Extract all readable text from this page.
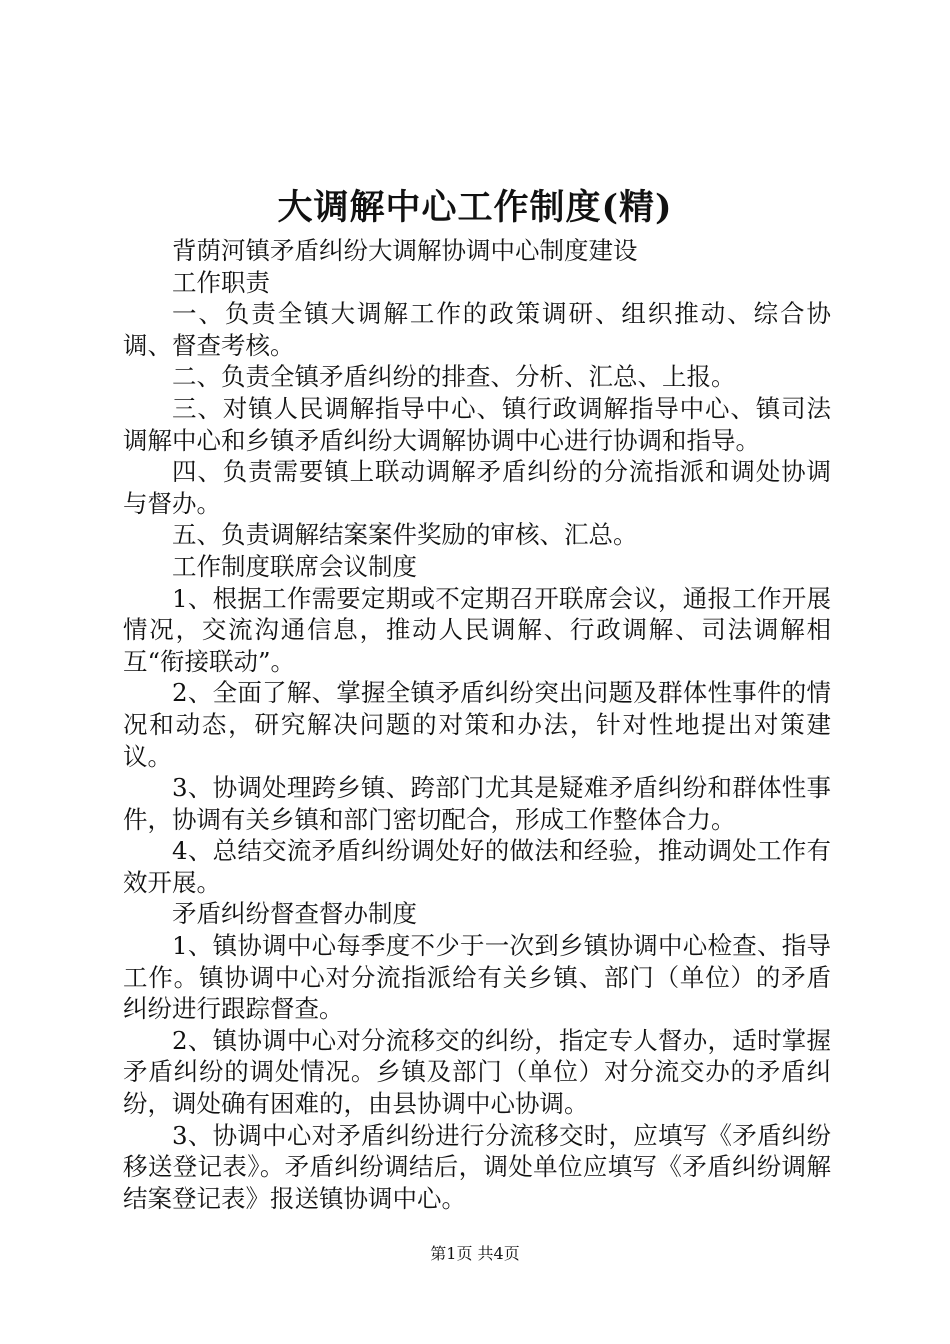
大调解中心工作制度(精)

背荫河镇矛盾纠纷大调解协调中心制度建设

工作职责

一、负责全镇大调解工作的政策调研、组织推动、综合协调、督查考核。

二、负责全镇矛盾纠纷的排查、分析、汇总、上报。

三、对镇人民调解指导中心、镇行政调解指导中心、镇司法调解中心和乡镇矛盾纠纷大调解协调中心进行协调和指导。

四、负责需要镇上联动调解矛盾纠纷的分流指派和调处协调与督办。

五、负责调解结案案件奖励的审核、汇总。

工作制度联席会议制度

1、根据工作需要定期或不定期召开联席会议，通报工作开展情况，交流沟通信息，推动人民调解、行政调解、司法调解相互“衔接联动”。

2、全面了解、掌握全镇矛盾纠纷突出问题及群体性事件的情况和动态，研究解决问题的对策和办法，针对性地提出对策建议。

3、协调处理跨乡镇、跨部门尤其是疑难矛盾纠纷和群体性事件，协调有关乡镇和部门密切配合，形成工作整体合力。

4、总结交流矛盾纠纷调处好的做法和经验，推动调处工作有效开展。

矛盾纠纷督查督办制度

1、镇协调中心每季度不少于一次到乡镇协调中心检查、指导工作。镇协调中心对分流指派给有关乡镇、部门（单位）的矛盾纠纷进行跟踪督查。

2、镇协调中心对分流移交的纠纷，指定专人督办，适时掌握矛盾纠纷的调处情况。乡镇及部门（单位）对分流交办的矛盾纠纷，调处确有困难的，由县协调中心协调。

3、协调中心对矛盾纠纷进行分流移交时，应填写《矛盾纠纷移送登记表》。矛盾纠纷调结后，调处单位应填写《矛盾纠纷调解结案登记表》报送镇协调中心。

第1页 共4页
